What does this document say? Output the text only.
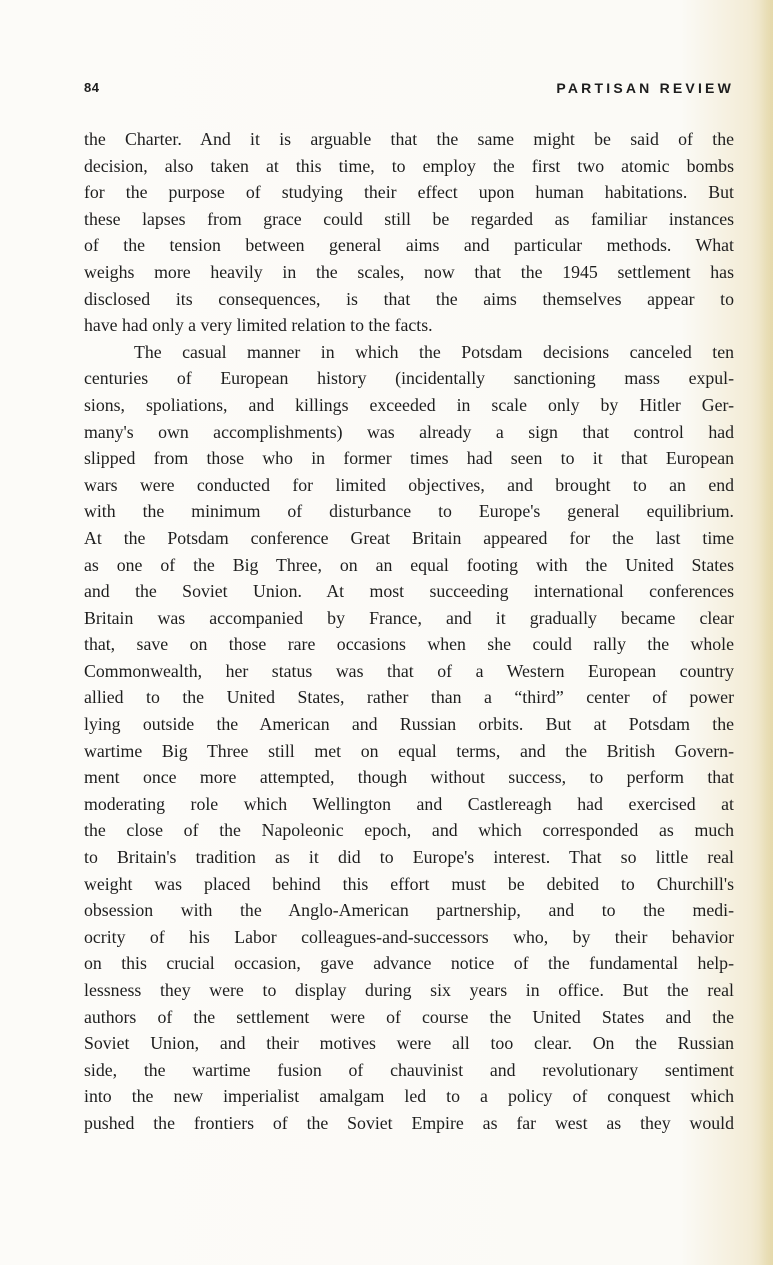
84	PARTISAN REVIEW
the Charter. And it is arguable that the same might be said of the
decision, also taken at this time, to employ the first two atomic bombs
for the purpose of studying their effect upon human habitations. But
these lapses from grace could still be regarded as familiar instances
of the tension between general aims and particular methods. What
weighs more heavily in the scales, now that the 1945 settlement has
disclosed its consequences, is that the aims themselves appear to
have had only a very limited relation to the facts.
The casual manner in which the Potsdam decisions canceled ten
centuries of European history (incidentally sanctioning mass expul-
sions, spoliations, and killings exceeded in scale only by Hitler Ger-
many's own accomplishments) was already a sign that control had
slipped from those who in former times had seen to it that European
wars were conducted for limited objectives, and brought to an end
with the minimum of disturbance to Europe's general equilibrium.
At the Potsdam conference Great Britain appeared for the last time
as one of the Big Three, on an equal footing with the United States
and the Soviet Union. At most succeeding international conferences
Britain was accompanied by France, and it gradually became clear
that, save on those rare occasions when she could rally the whole
Commonwealth, her status was that of a Western European country
allied to the United States, rather than a “third” center of power
lying outside the American and Russian orbits. But at Potsdam the
wartime Big Three still met on equal terms, and the British Govern-
ment once more attempted, though without success, to perform that
moderating role which Wellington and Castlereagh had exercised at
the close of the Napoleonic epoch, and which corresponded as much
to Britain's tradition as it did to Europe's interest. That so little real
weight was placed behind this effort must be debited to Churchill's
obsession with the Anglo-American partnership, and to the medi-
ocrity of his Labor colleagues-and-successors who, by their behavior
on this crucial occasion, gave advance notice of the fundamental help-
lessness they were to display during six years in office. But the real
authors of the settlement were of course the United States and the
Soviet Union, and their motives were all too clear. On the Russian
side, the wartime fusion of chauvinist and revolutionary sentiment
into the new imperialist amalgam led to a policy of conquest which
pushed the frontiers of the Soviet Empire as far west as they would
